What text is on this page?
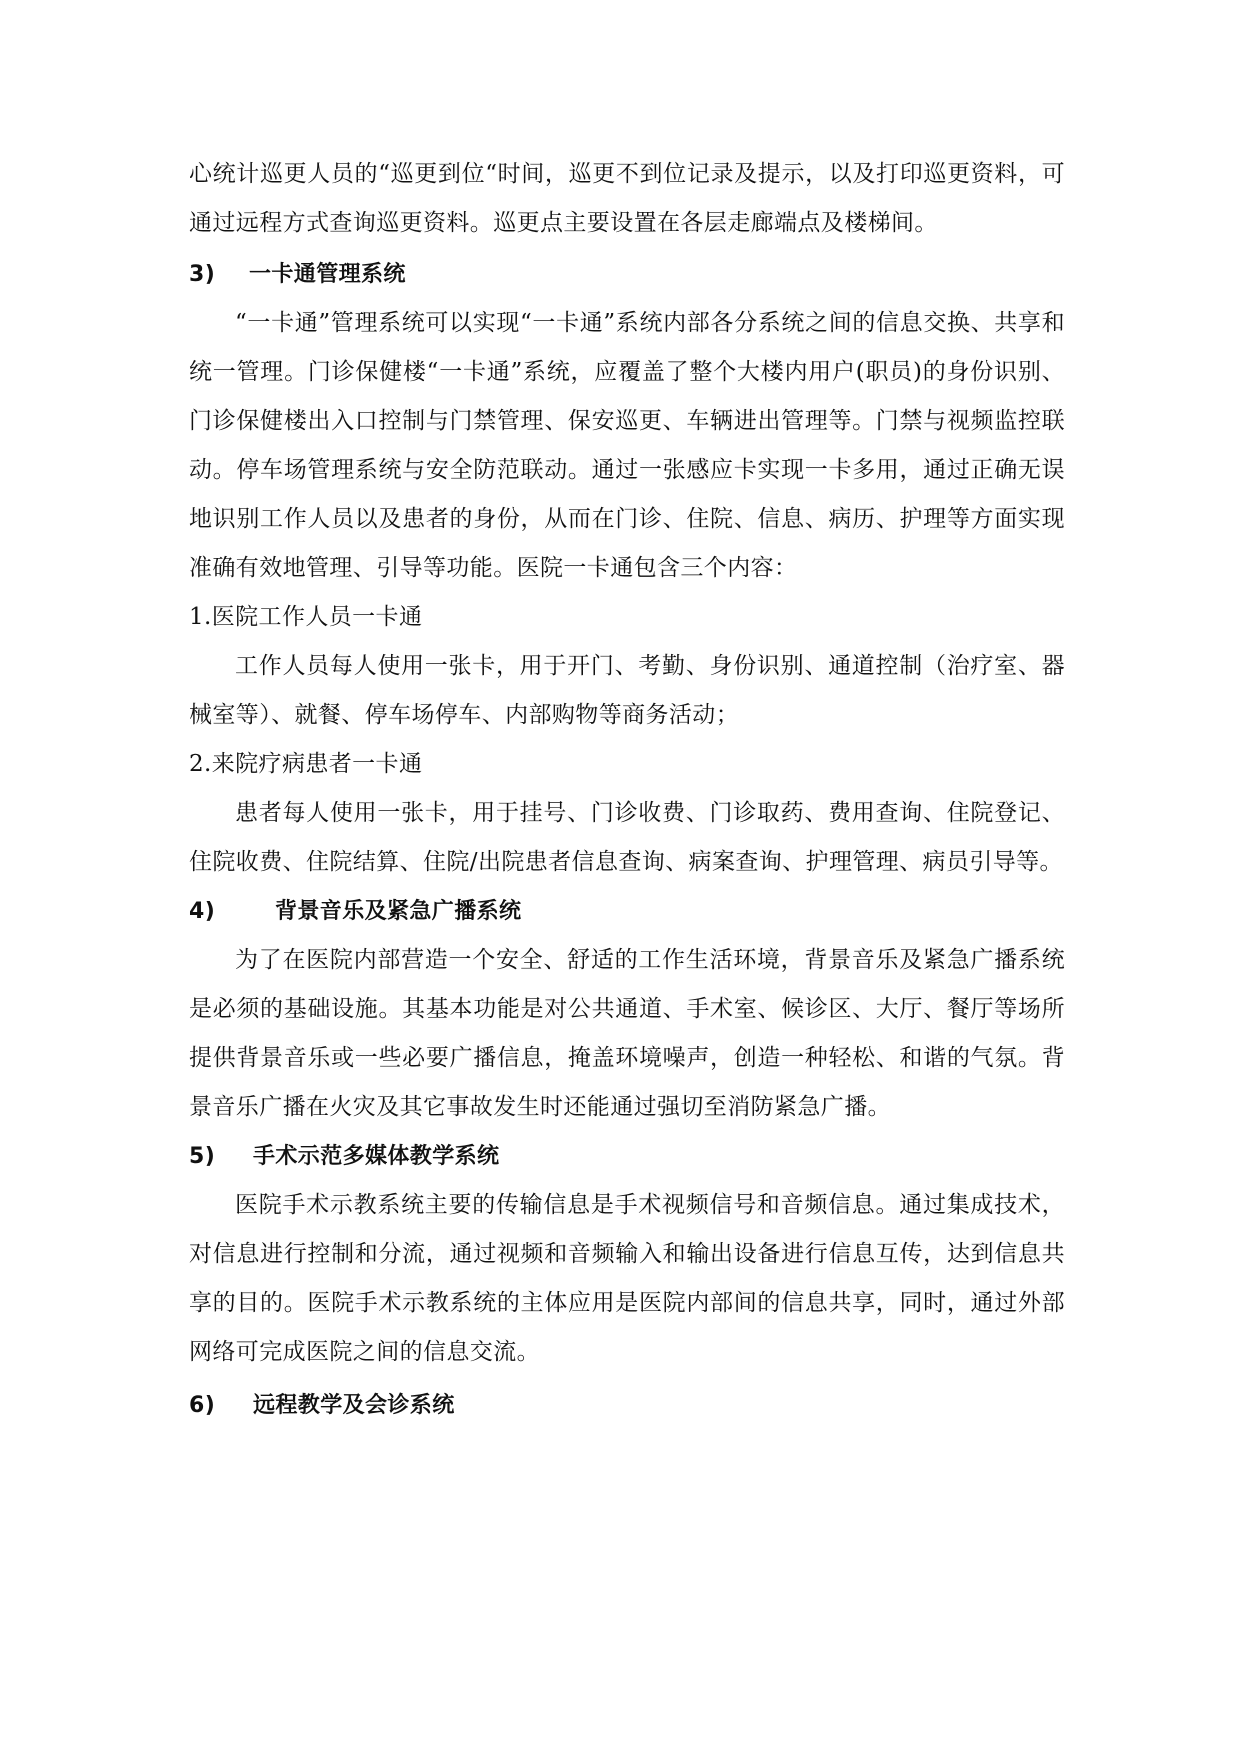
心统计巡更人员的“巡更到位“时间，巡更不到位记录及提示，以及打印巡更资料，可通过远程方式查询巡更资料。巡更点主要设置在各层走廊端点及楼梯间。

3)	一卡通管理系统

“一卡通”管理系统可以实现“一卡通”系统内部各分系统之间的信息交换、共享和统一管理。门诊保健楼“一卡通”系统，应覆盖了整个大楼内用户(职员)的身份识别、门诊保健楼出入口控制与门禁管理、保安巡更、车辆进出管理等。门禁与视频监控联动。停车场管理系统与安全防范联动。通过一张感应卡实现一卡多用，通过正确无误地识别工作人员以及患者的身份，从而在门诊、住院、信息、病历、护理等方面实现准确有效地管理、引导等功能。医院一卡通包含三个内容：

1.医院工作人员一卡通

工作人员每人使用一张卡，用于开门、考勤、身份识别、通道控制（治疗室、器械室等）、就餐、停车场停车、内部购物等商务活动；

2.来院疗病患者一卡通

患者每人使用一张卡，用于挂号、门诊收费、门诊取药、费用查询、住院登记、住院收费、住院结算、住院/出院患者信息查询、病案查询、护理管理、病员引导等。

4)	背景音乐及紧急广播系统

为了在医院内部营造一个安全、舒适的工作生活环境，背景音乐及紧急广播系统是必须的基础设施。其基本功能是对公共通道、手术室、候诊区、大厅、餐厅等场所提供背景音乐或一些必要广播信息，掩盖环境噪声，创造一种轻松、和谐的气氛。背景音乐广播在火灾及其它事故发生时还能通过强切至消防紧急广播。

5)	手术示范多媒体教学系统

医院手术示教系统主要的传输信息是手术视频信号和音频信息。通过集成技术，对信息进行控制和分流，通过视频和音频输入和输出设备进行信息互传，达到信息共享的目的。医院手术示教系统的主体应用是医院内部间的信息共享，同时，通过外部网络可完成医院之间的信息交流。

6)	远程教学及会诊系统
